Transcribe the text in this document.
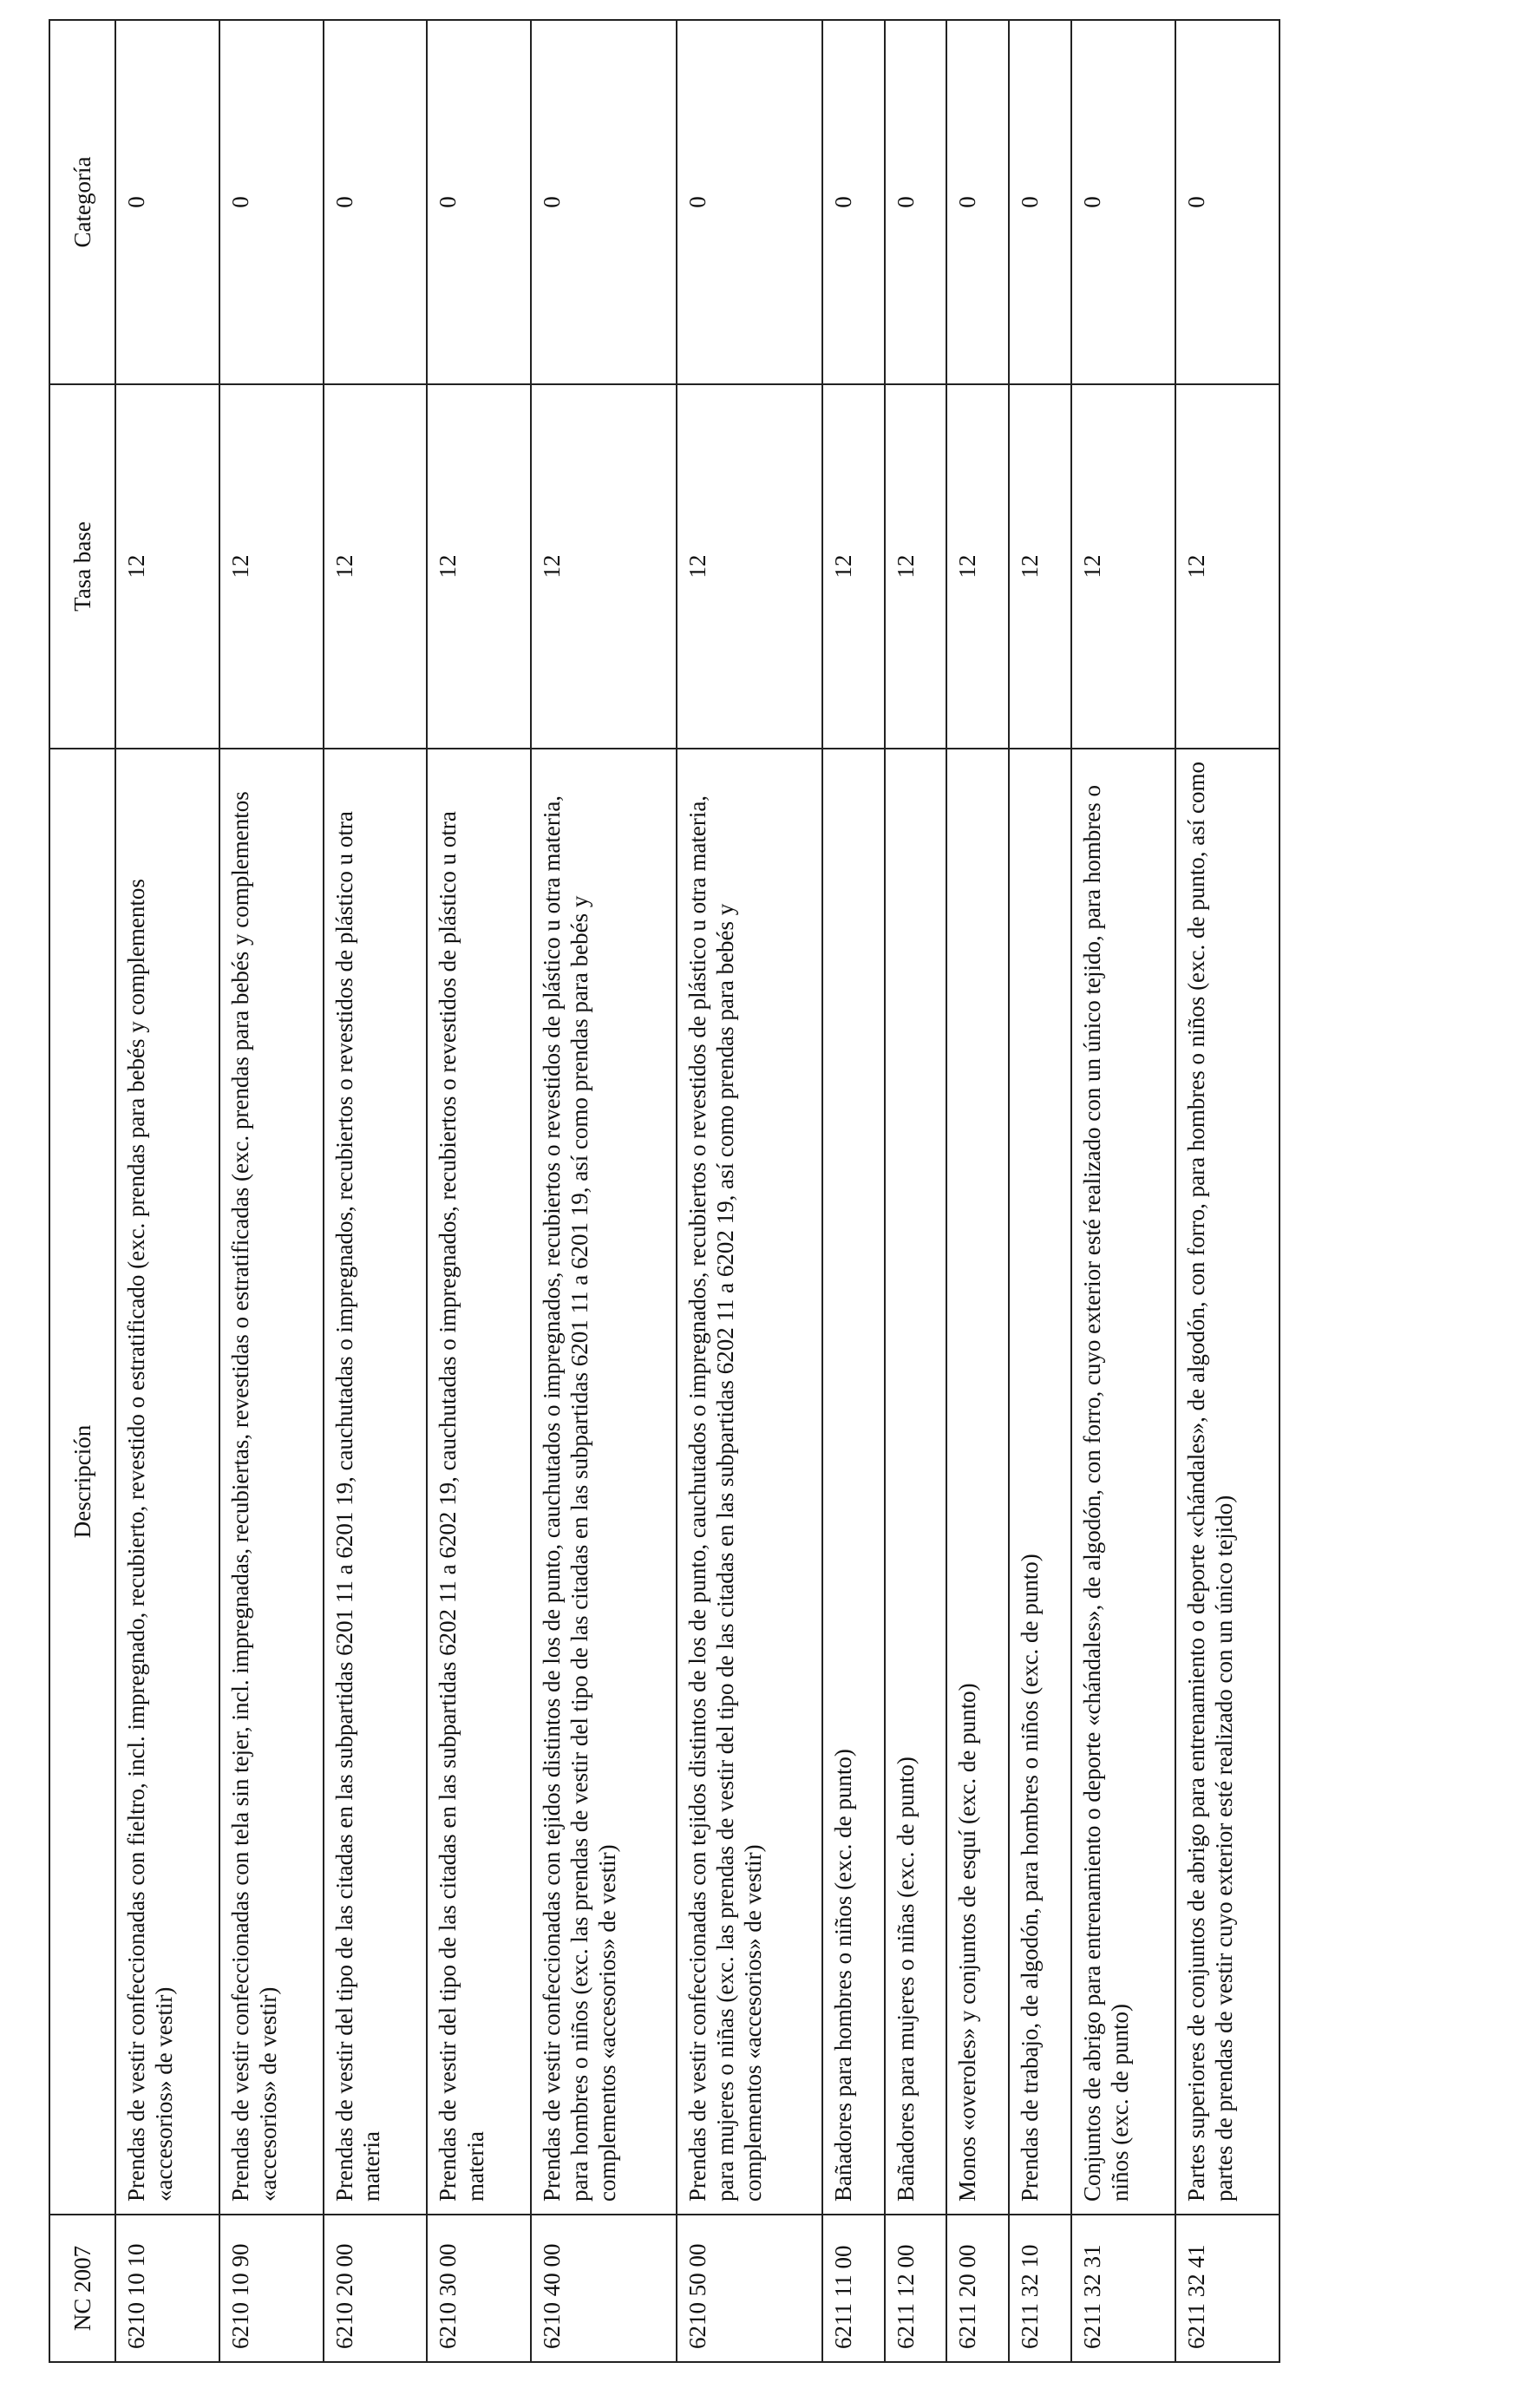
NC 2007	Descripción	Tasa base	Categoría
6210 10 10	Prendas de vestir confeccionadas con fieltro, incl. impregnado, recubierto, revestido o estratificado (exc. prendas para bebés y complementos «accesorios» de vestir)	12	0
6210 10 90	Prendas de vestir confeccionadas con tela sin tejer, incl. impregnadas, recubiertas, revestidas o estratificadas (exc. prendas para bebés y complementos «accesorios» de vestir)	12	0
6210 20 00	Prendas de vestir del tipo de las citadas en las subpartidas 6201 11 a 6201 19, cauchutadas o impregnados, recubiertos o revestidos de plástico u otra materia	12	0
6210 30 00	Prendas de vestir del tipo de las citadas en las subpartidas 6202 11 a 6202 19, cauchutadas o impregnados, recubiertos o revestidos de plástico u otra materia	12	0
6210 40 00	Prendas de vestir confeccionadas con tejidos distintos de los de punto, cauchutados o impregnados, recubiertos o revestidos de plástico u otra materia, para hombres o niños (exc. las prendas de vestir del tipo de las citadas en las subpartidas 6201 11 a 6201 19, así como prendas para bebés y complementos «accesorios» de vestir)	12	0
6210 50 00	Prendas de vestir confeccionadas con tejidos distintos de los de punto, cauchutados o impregnados, recubiertos o revestidos de plástico u otra materia, para mujeres o niñas (exc. las prendas de vestir del tipo de las citadas en las subpartidas 6202 11 a 6202 19, así como prendas para bebés y complementos «accesorios» de vestir)	12	0
6211 11 00	Bañadores para hombres o niños (exc. de punto)	12	0
6211 12 00	Bañadores para mujeres o niñas (exc. de punto)	12	0
6211 20 00	Monos «overoles» y conjuntos de esquí (exc. de punto)	12	0
6211 32 10	Prendas de trabajo, de algodón, para hombres o niños (exc. de punto)	12	0
6211 32 31	Conjuntos de abrigo para entrenamiento o deporte «chándales», de algodón, con forro, cuyo exterior esté realizado con un único tejido, para hombres o niños (exc. de punto)	12	0
6211 32 41	Partes superiores de conjuntos de abrigo para entrenamiento o deporte «chándales», de algodón, con forro, para hombres o niños (exc. de punto, así como partes de prendas de vestir cuyo exterior esté realizado con un único tejido)	12	0
